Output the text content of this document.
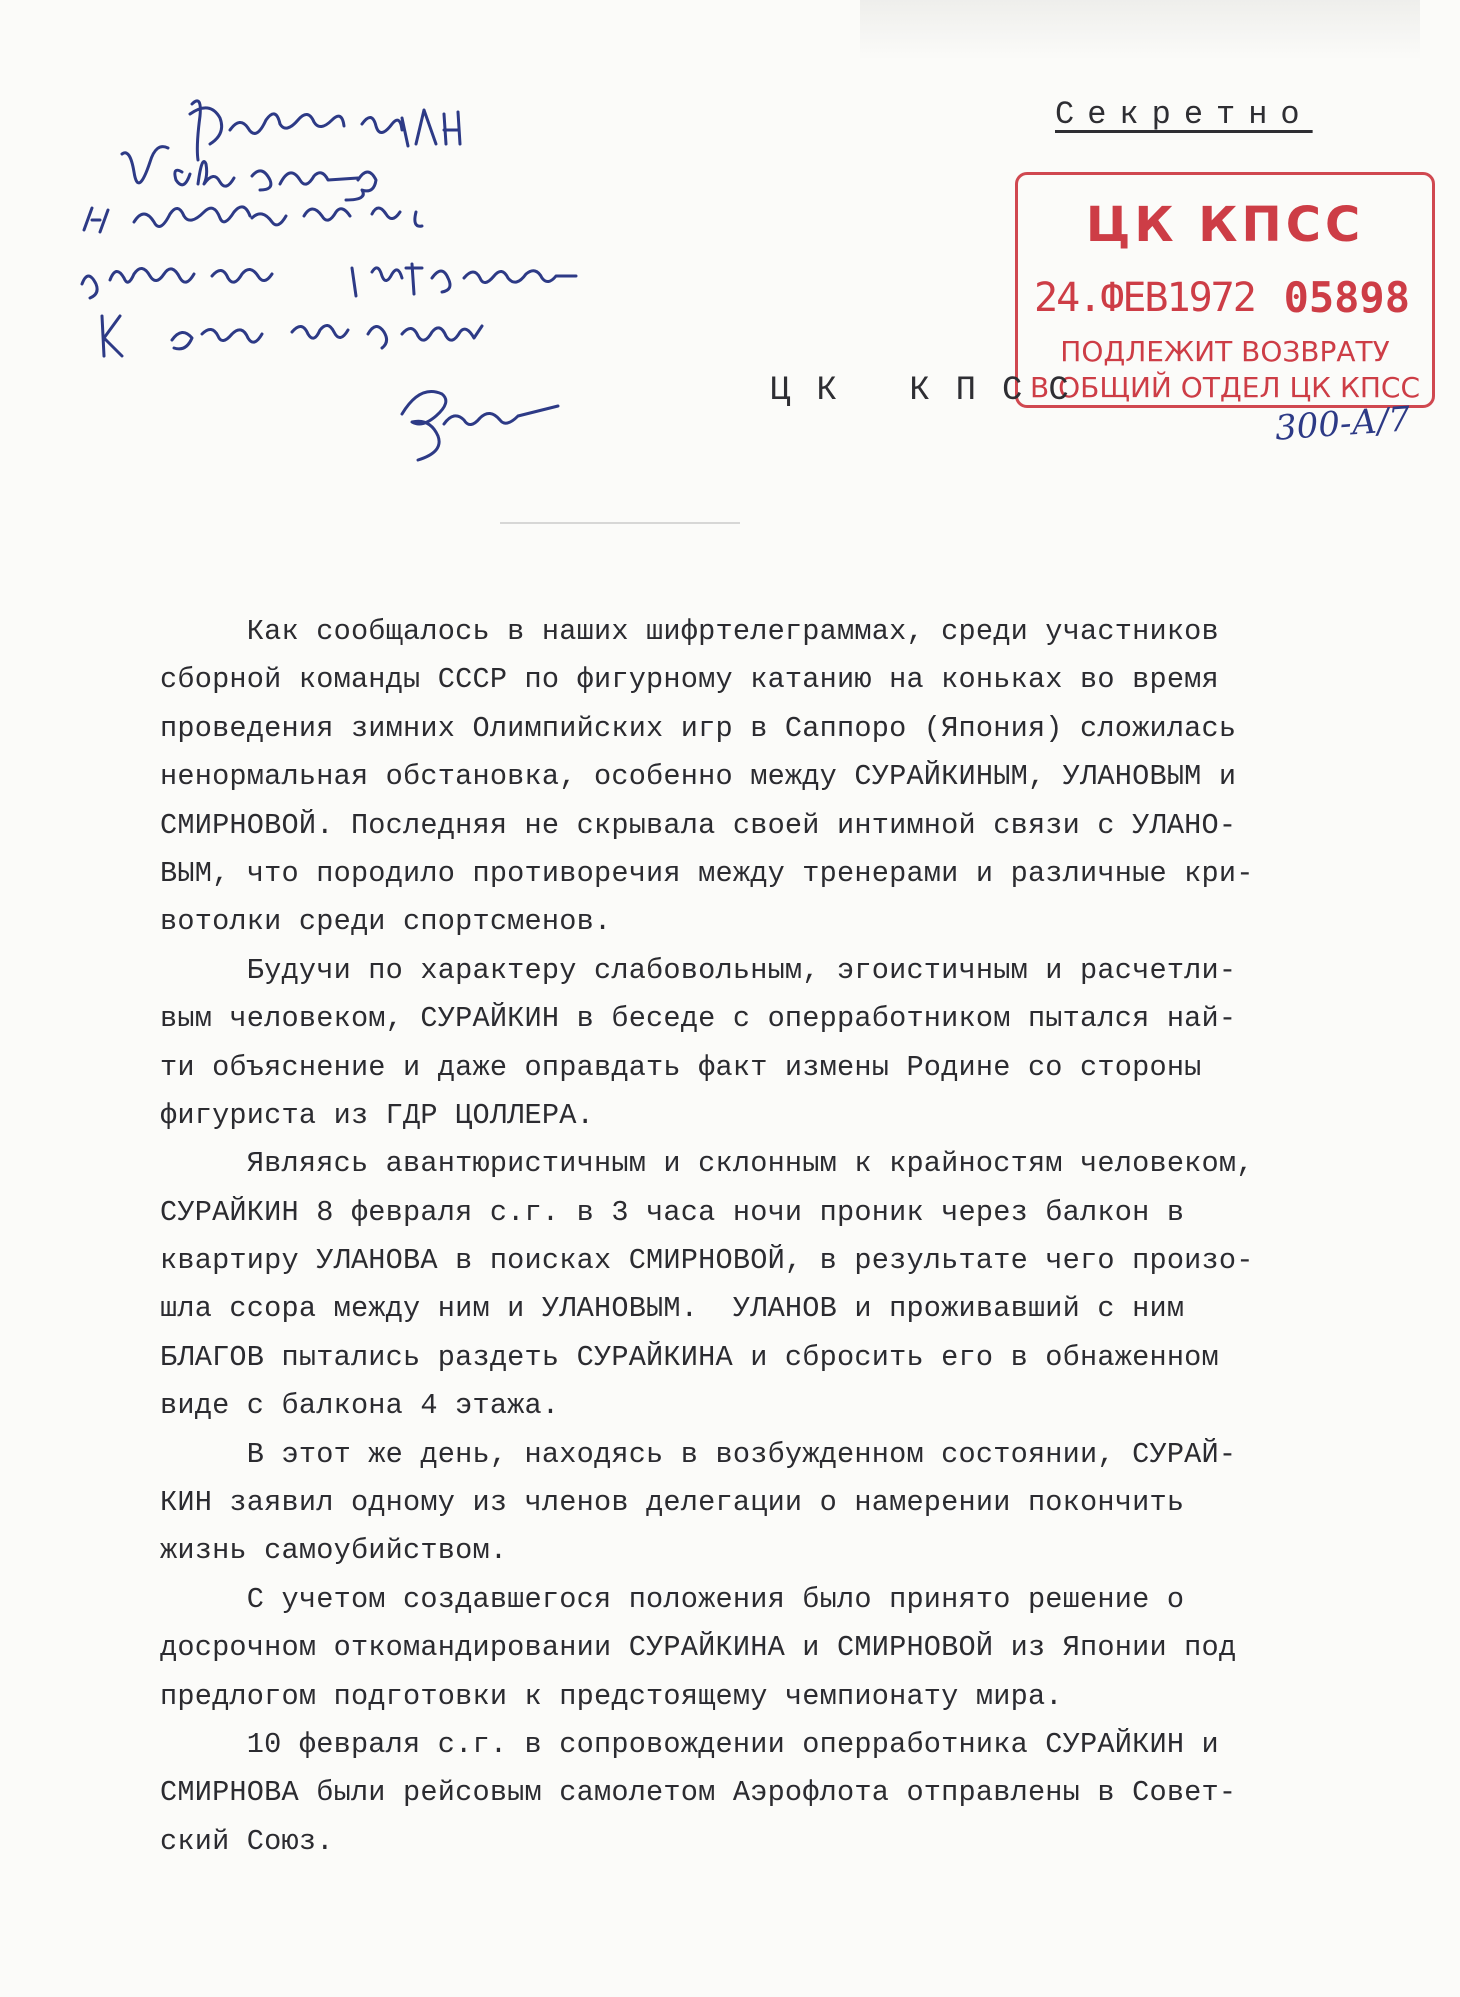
Секретно
ЦК КПСС
24.ФЕВ1972 05898
ПОДЛЕЖИТ ВОЗВРАТУ
В ОБЩИЙ ОТДЕЛ ЦК КПСС
300-А/7
ЦК КПСС
Как сообщалось в наших шифртелеграммах, среди участников
сборной команды СССР по фигурному катанию на коньках во время
проведения зимних Олимпийских игр в Саппоро (Япония) сложилась
ненормальная обстановка, особенно между СУРАЙКИНЫМ, УЛАНОВЫМ и
СМИРНОВОЙ. Последняя не скрывала своей интимной связи с УЛАНО-
ВЫМ, что породило противоречия между тренерами и различные кри-
вотолки среди спортсменов.
Будучи по характеру слабовольным, эгоистичным и расчетли-
вым человеком, СУРАЙКИН в беседе с оперработником пытался най-
ти объяснение и даже оправдать факт измены Родине со стороны
фигуриста из ГДР ЦОЛЛЕРА.
Являясь авантюристичным и склонным к крайностям человеком,
СУРАЙКИН 8 февраля с.г. в 3 часа ночи проник через балкон в
квартиру УЛАНОВА в поисках СМИРНОВОЙ, в результате чего произо-
шла ссора между ним и УЛАНОВЫМ.  УЛАНОВ и проживавший с ним
БЛАГОВ пытались раздеть СУРАЙКИНА и сбросить его в обнаженном
виде с балкона 4 этажа.
В этот же день, находясь в возбужденном состоянии, СУРАЙ-
КИН заявил одному из членов делегации о намерении покончить
жизнь самоубийством.
С учетом создавшегося положения было принято решение о
досрочном откомандировании СУРАЙКИНА и СМИРНОВОЙ из Японии под
предлогом подготовки к предстоящему чемпионату мира.
10 февраля с.г. в сопровождении оперработника СУРАЙКИН и
СМИРНОВА были рейсовым самолетом Аэрофлота отправлены в Совет-
ский Союз.
